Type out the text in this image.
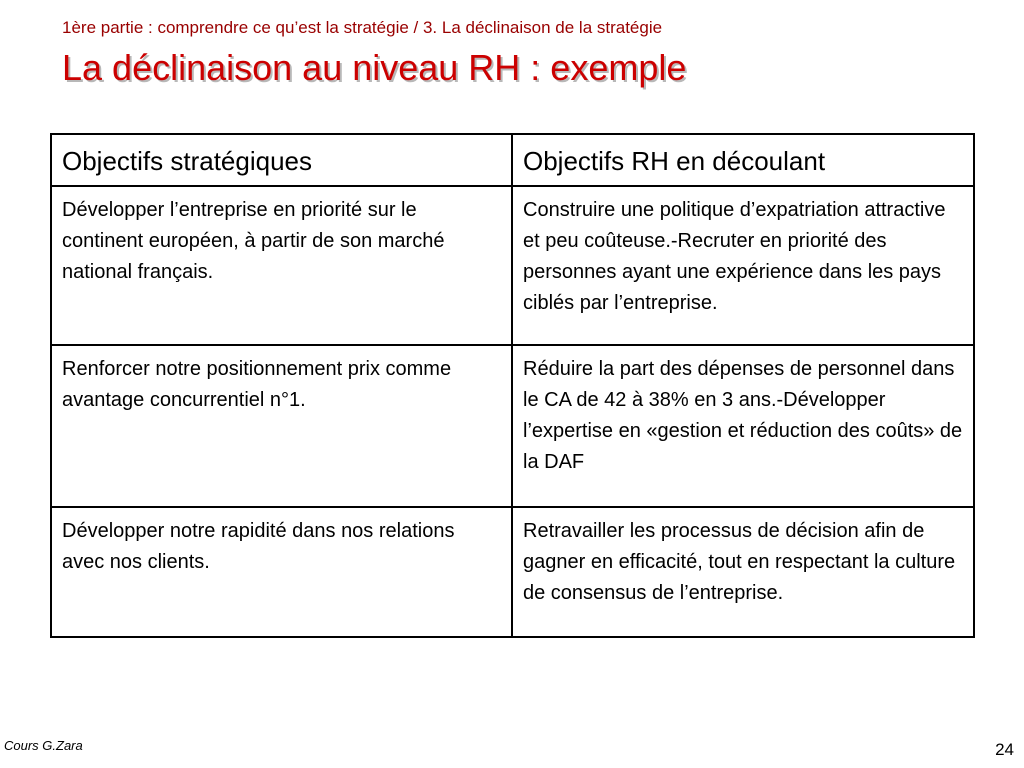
1ère partie : comprendre ce qu’est la stratégie / 3. La déclinaison de la stratégie
La déclinaison au niveau RH : exemple
Objectifs stratégiques	Objectifs RH en découlant
Développer l’entreprise en priorité sur le continent européen, à partir de son marché national français.	Construire une politique d’expatriation attractive et peu coûteuse.-Recruter en priorité des personnes ayant une expérience dans les pays ciblés par l’entreprise.
Renforcer notre positionnement prix comme avantage concurrentiel n°1.	Réduire la part des dépenses de personnel dans le CA de 42 à 38% en 3 ans.-Développer l’expertise en «gestion et réduction des coûts» de la DAF
Développer notre rapidité dans nos relations avec nos clients.	Retravailler les processus de décision afin de gagner en efficacité, tout en respectant la culture de consensus de l’entreprise.
Cours G.Zara	24
